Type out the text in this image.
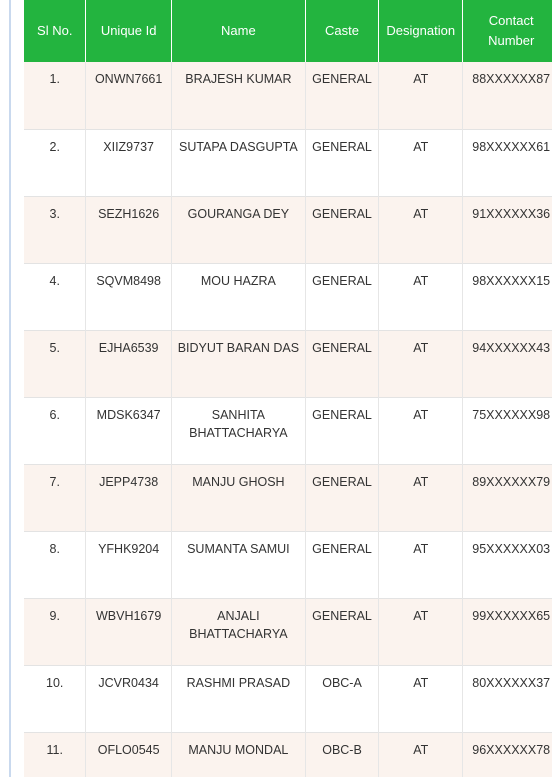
Sl No.	Unique Id	Name	Caste	Designation	Contact Number
1.	ONWN7661	BRAJESH KUMAR	GENERAL	AT	88XXXXXX87
2.	XIIZ9737	SUTAPA DASGUPTA	GENERAL	AT	98XXXXXX61
3.	SEZH1626	GOURANGA DEY	GENERAL	AT	91XXXXXX36
4.	SQVM8498	MOU HAZRA	GENERAL	AT	98XXXXXX15
5.	EJHA6539	BIDYUT BARAN DAS	GENERAL	AT	94XXXXXX43
6.	MDSK6347	SANHITA BHATTACHARYA	GENERAL	AT	75XXXXXX98
7.	JEPP4738	MANJU GHOSH	GENERAL	AT	89XXXXXX79
8.	YFHK9204	SUMANTA SAMUI	GENERAL	AT	95XXXXXX03
9.	WBVH1679	ANJALI BHATTACHARYA	GENERAL	AT	99XXXXXX65
10.	JCVR0434	RASHMI PRASAD	OBC-A	AT	80XXXXXX37
11.	OFLO0545	MANJU MONDAL	OBC-B	AT	96XXXXXX78
